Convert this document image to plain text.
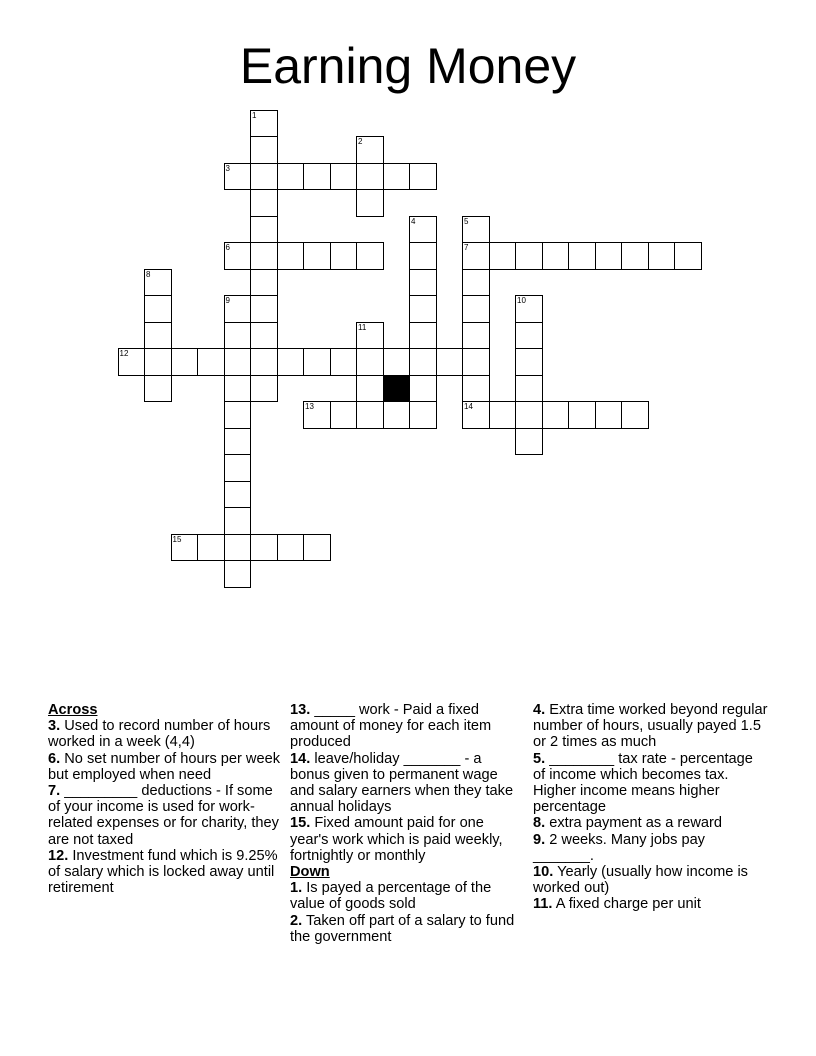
Earning Money
1
2
3
4	5
7
6
8
9	10
11
12
13	14
15
Across
3. Used to record number of hours worked in a week (4,4)
6. No set number of hours per week but employed when need
7. _________ deductions - If some of your income is used for work-related expenses or for charity, they are not taxed
12. Investment fund which is 9.25% of salary which is locked away until retirement
13. _____ work - Paid a fixed amount of money for each item produced
14. leave/holiday _______ - a bonus given to permanent wage and salary earners when they take annual holidays
15. Fixed amount paid for one year's work which is paid weekly, fortnightly or monthly
Down
1. Is payed a percentage of the value of goods sold
2. Taken off part of a salary to fund the government
4. Extra time worked beyond regular number of hours, usually payed 1.5 or 2 times as much
5. ________ tax rate - percentage of income which becomes tax. Higher income means higher percentage
8. extra payment as a reward
9. 2 weeks. Many jobs pay _______.
10. Yearly (usually how income is worked out)
11. A fixed charge per unit
